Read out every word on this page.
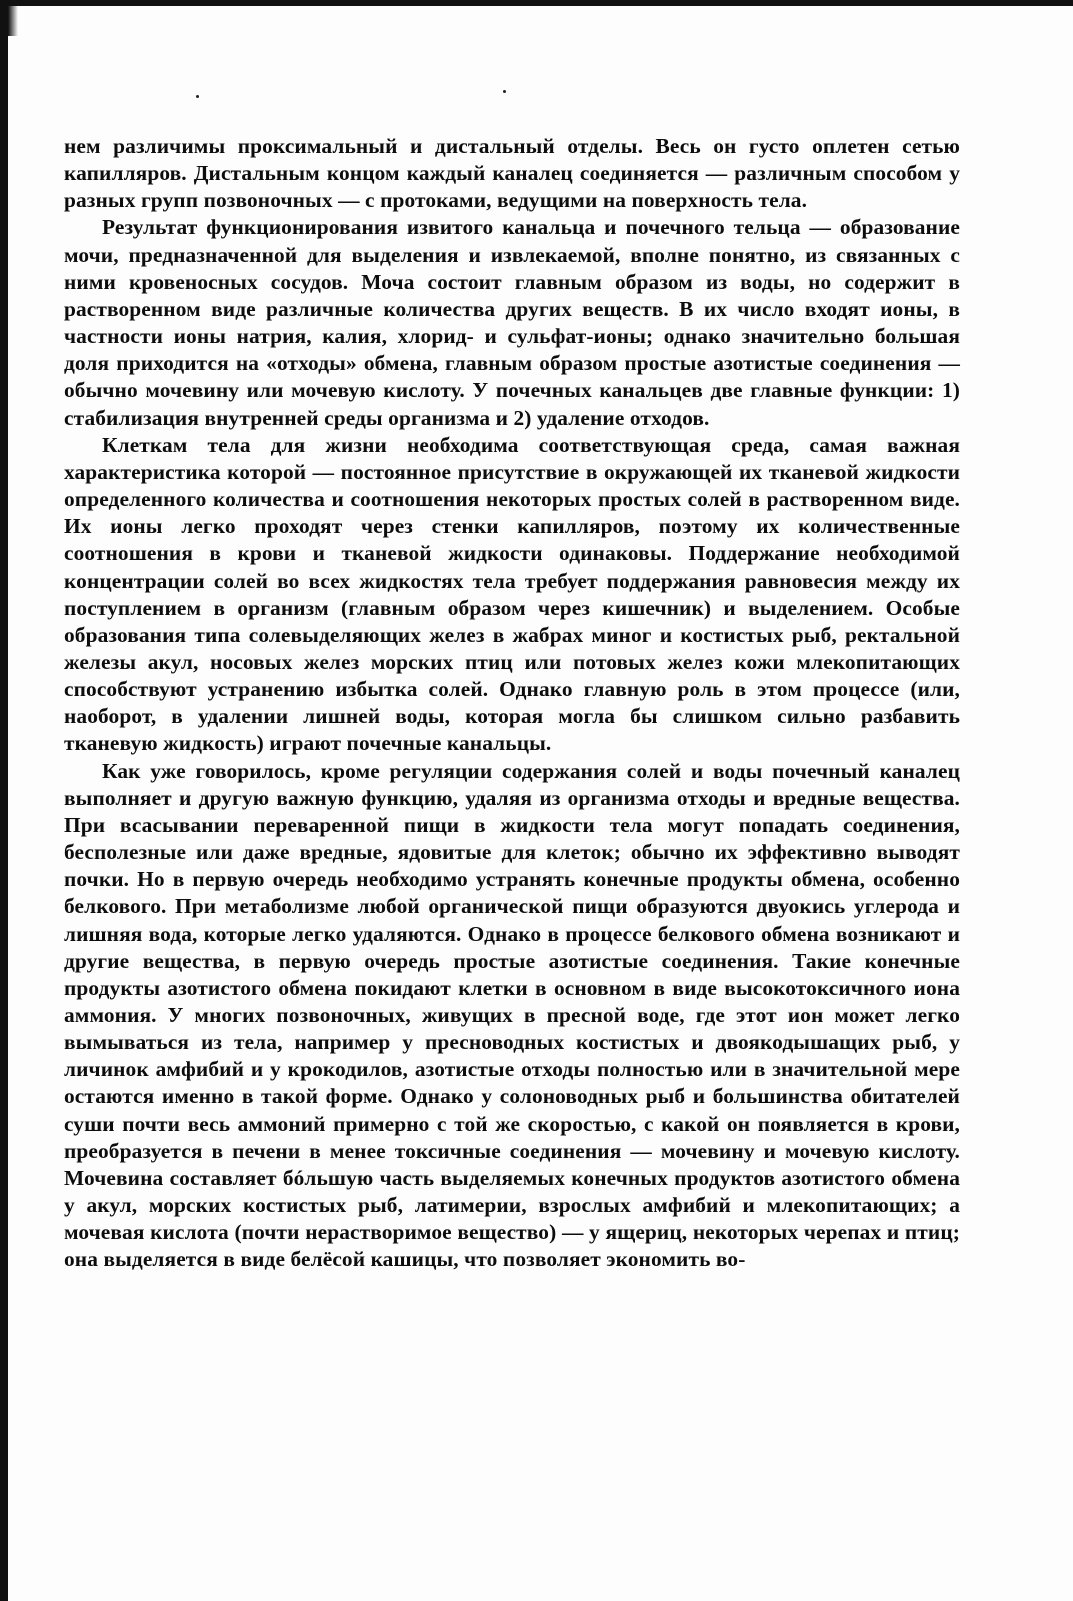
нем различимы проксимальный и дистальный отделы. Весь он густо оплетен сетью капилляров. Дистальным концом каждый каналец соединяется — различным способом у разных групп позвоночных — с протоками, ведущими на поверхность тела.

Результат функционирования извитого канальца и почечного тельца — образование мочи, предназначенной для выделения и извлекаемой, вполне понятно, из связанных с ними кровеносных сосудов. Моча состоит главным образом из воды, но содержит в растворенном виде различные количества других веществ. В их число входят ионы, в частности ионы натрия, калия, хлорид- и сульфат-ионы; однако значительно большая доля приходится на «отходы» обмена, главным образом простые азотистые соединения — обычно мочевину или мочевую кислоту. У почечных канальцев две главные функции: 1) стабилизация внутренней среды организма и 2) удаление отходов.

Клеткам тела для жизни необходима соответствующая среда, самая важная характеристика которой — постоянное присутствие в окружающей их тканевой жидкости определенного количества и соотношения некоторых простых солей в растворенном виде. Их ионы легко проходят через стенки капилляров, поэтому их количественные соотношения в крови и тканевой жидкости одинаковы. Поддержание необходимой концентрации солей во всех жидкостях тела требует поддержания равновесия между их поступлением в организм (главным образом через кишечник) и выделением. Особые образования типа солевыделяющих желез в жабрах миног и костистых рыб, ректальной железы акул, носовых желез морских птиц или потовых желез кожи млекопитающих способствуют устранению избытка солей. Однако главную роль в этом процессе (или, наоборот, в удалении лишней воды, которая могла бы слишком сильно разбавить тканевую жидкость) играют почечные канальцы.

Как уже говорилось, кроме регуляции содержания солей и воды почечный каналец выполняет и другую важную функцию, удаляя из организма отходы и вредные вещества. При всасывании переваренной пищи в жидкости тела могут попадать соединения, бесполезные или даже вредные, ядовитые для клеток; обычно их эффективно выводят почки. Но в первую очередь необходимо устранять конечные продукты обмена, особенно белкового. При метаболизме любой органической пищи образуются двуокись углерода и лишняя вода, которые легко удаляются. Однако в процессе белкового обмена возникают и другие вещества, в первую очередь простые азотистые соединения. Такие конечные продукты азотистого обмена покидают клетки в основном в виде высокотоксичного иона аммония. У многих позвоночных, живущих в пресной воде, где этот ион может легко вымываться из тела, например у пресноводных костистых и двоякодышащих рыб, у личинок амфибий и у крокодилов, азотистые отходы полностью или в значительной мере остаются именно в такой форме. Однако у солоноводных рыб и большинства обитателей суши почти весь аммоний примерно с той же скоростью, с какой он появляется в крови, преобразуется в печени в менее токсичные соединения — мочевину и мочевую кислоту. Мочевина составляет бóльшую часть выделяемых конечных продуктов азотистого обмена у акул, морских костистых рыб, латимерии, взрослых амфибий и млекопитающих; а мочевая кислота (почти нерастворимое вещество) — у ящериц, некоторых черепах и птиц; она выделяется в виде белёсой кашицы, что позволяет экономить во-
